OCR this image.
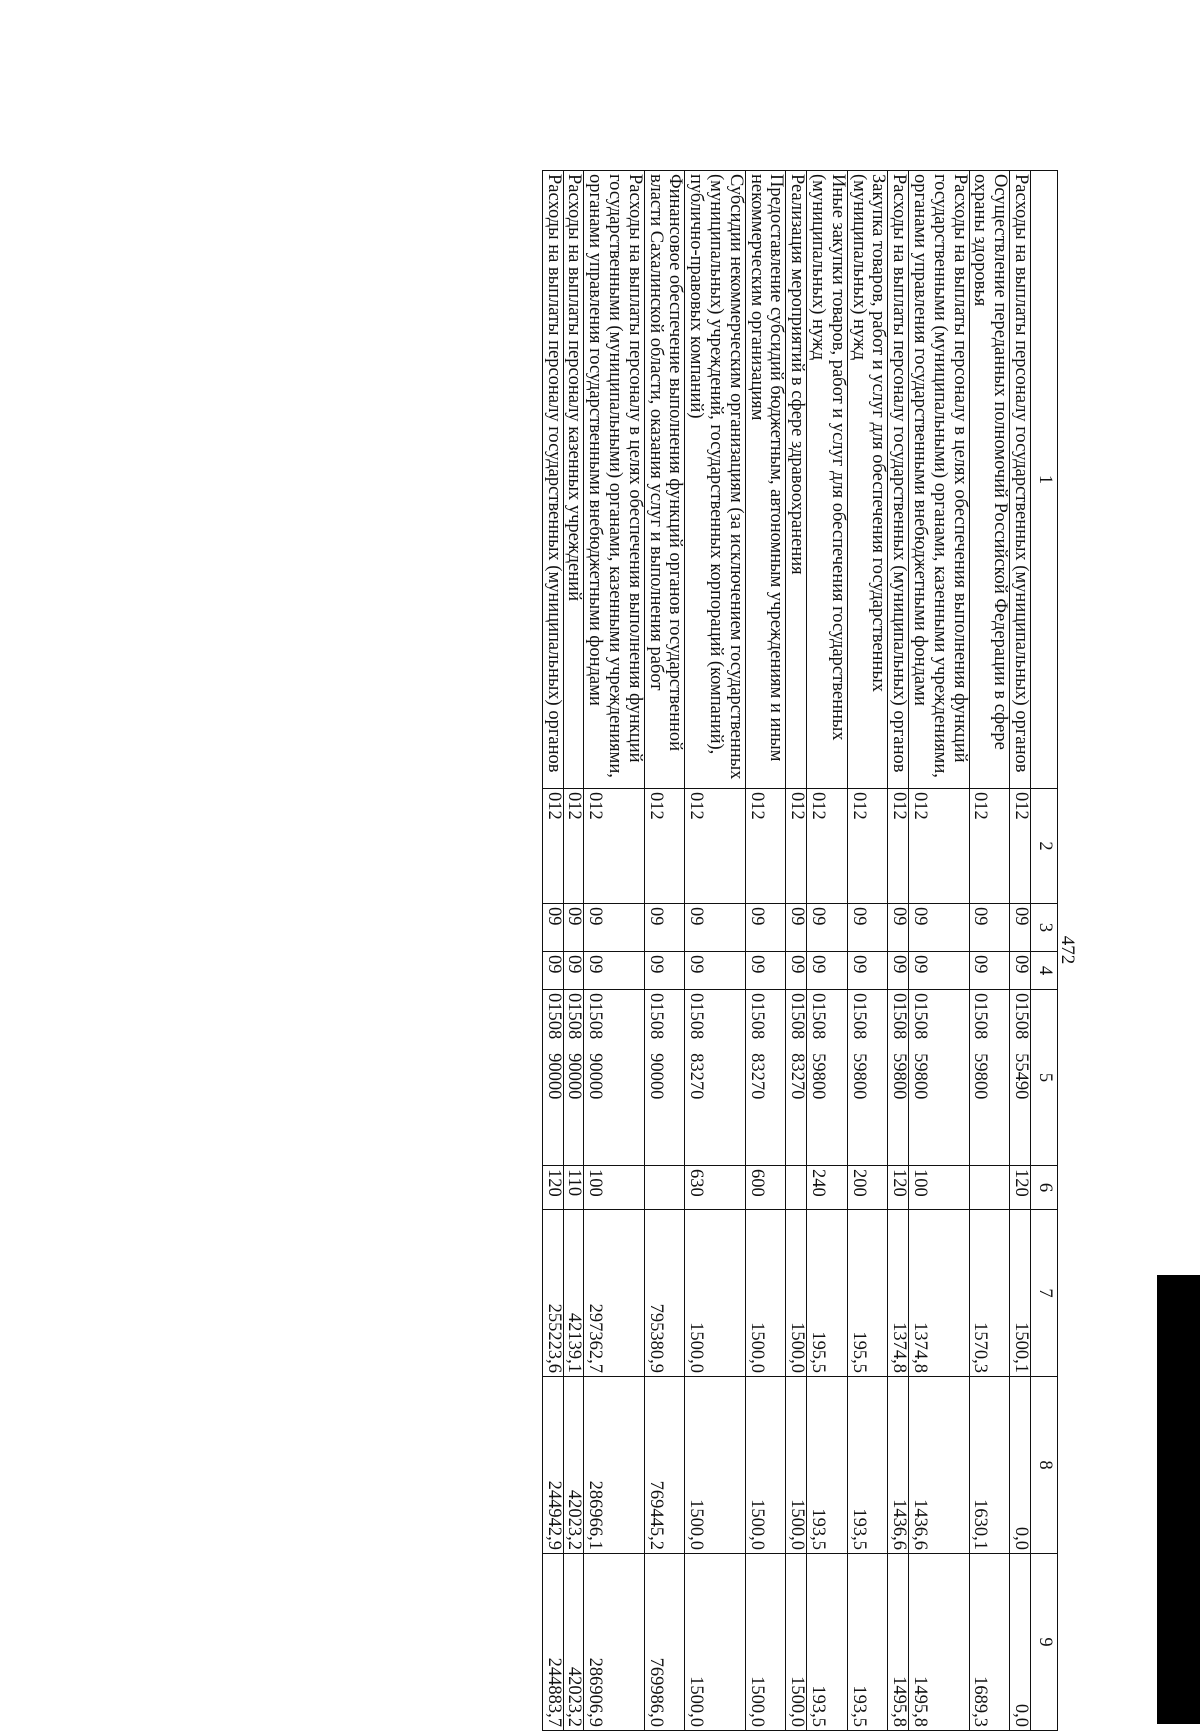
472
1	2	3	4	5	6	7	8	9
Расходы на выплаты персоналу государственных (муниципальных) органов	012	09	09	01508   55490	120	1500,1	0,0	0,0
Осуществление переданных полномочий Российской Федерации в сфере охраны здоровья	012	09	09	01508   59800		1570,3	1630,1	1689,3
Расходы на выплаты персоналу в целях обеспечения выполнения функций государственными (муниципальными) органами, казенными учреждениями, органами управления государственными внебюджетными фондами	012	09	09	01508   59800	100	1374,8	1436,6	1495,8
Расходы на выплаты персоналу государственных (муниципальных) органов	012	09	09	01508   59800	120	1374,8	1436,6	1495,8
Закупка товаров, работ и услуг для обеспечения государственных (муниципальных) нужд	012	09	09	01508   59800	200	195,5	193,5	193,5
Иные закупки товаров, работ и услуг для обеспечения государственных (муниципальных) нужд	012	09	09	01508   59800	240	195,5	193,5	193,5
Реализация мероприятий в сфере здравоохранения	012	09	09	01508   83270		1500,0	1500,0	1500,0
Предоставление субсидий бюджетным, автономным учреждениям и иным некоммерческим организациям	012	09	09	01508   83270	600	1500,0	1500,0	1500,0
Субсидии некоммерческим организациям (за исключением государственных (муниципальных) учреждений, государственных корпораций (компаний), публично-правовых компаний)	012	09	09	01508   83270	630	1500,0	1500,0	1500,0
Финансовое обеспечение выполнения функций органов государственной власти Сахалинской области, оказания услуг и выполнения работ	012	09	09	01508   90000		795380,9	769445,2	769986,0
Расходы на выплаты персоналу в целях обеспечения выполнения функций государственными (муниципальными) органами, казенными учреждениями, органами управления государственными внебюджетными фондами	012	09	09	01508   90000	100	297362,7	286966,1	286906,9
Расходы на выплаты персоналу казенных учреждений	012	09	09	01508   90000	110	42139,1	42023,2	42023,2
Расходы на выплаты персоналу государственных (муниципальных) органов	012	09	09	01508   90000	120	255223,6	244942,9	244883,7
